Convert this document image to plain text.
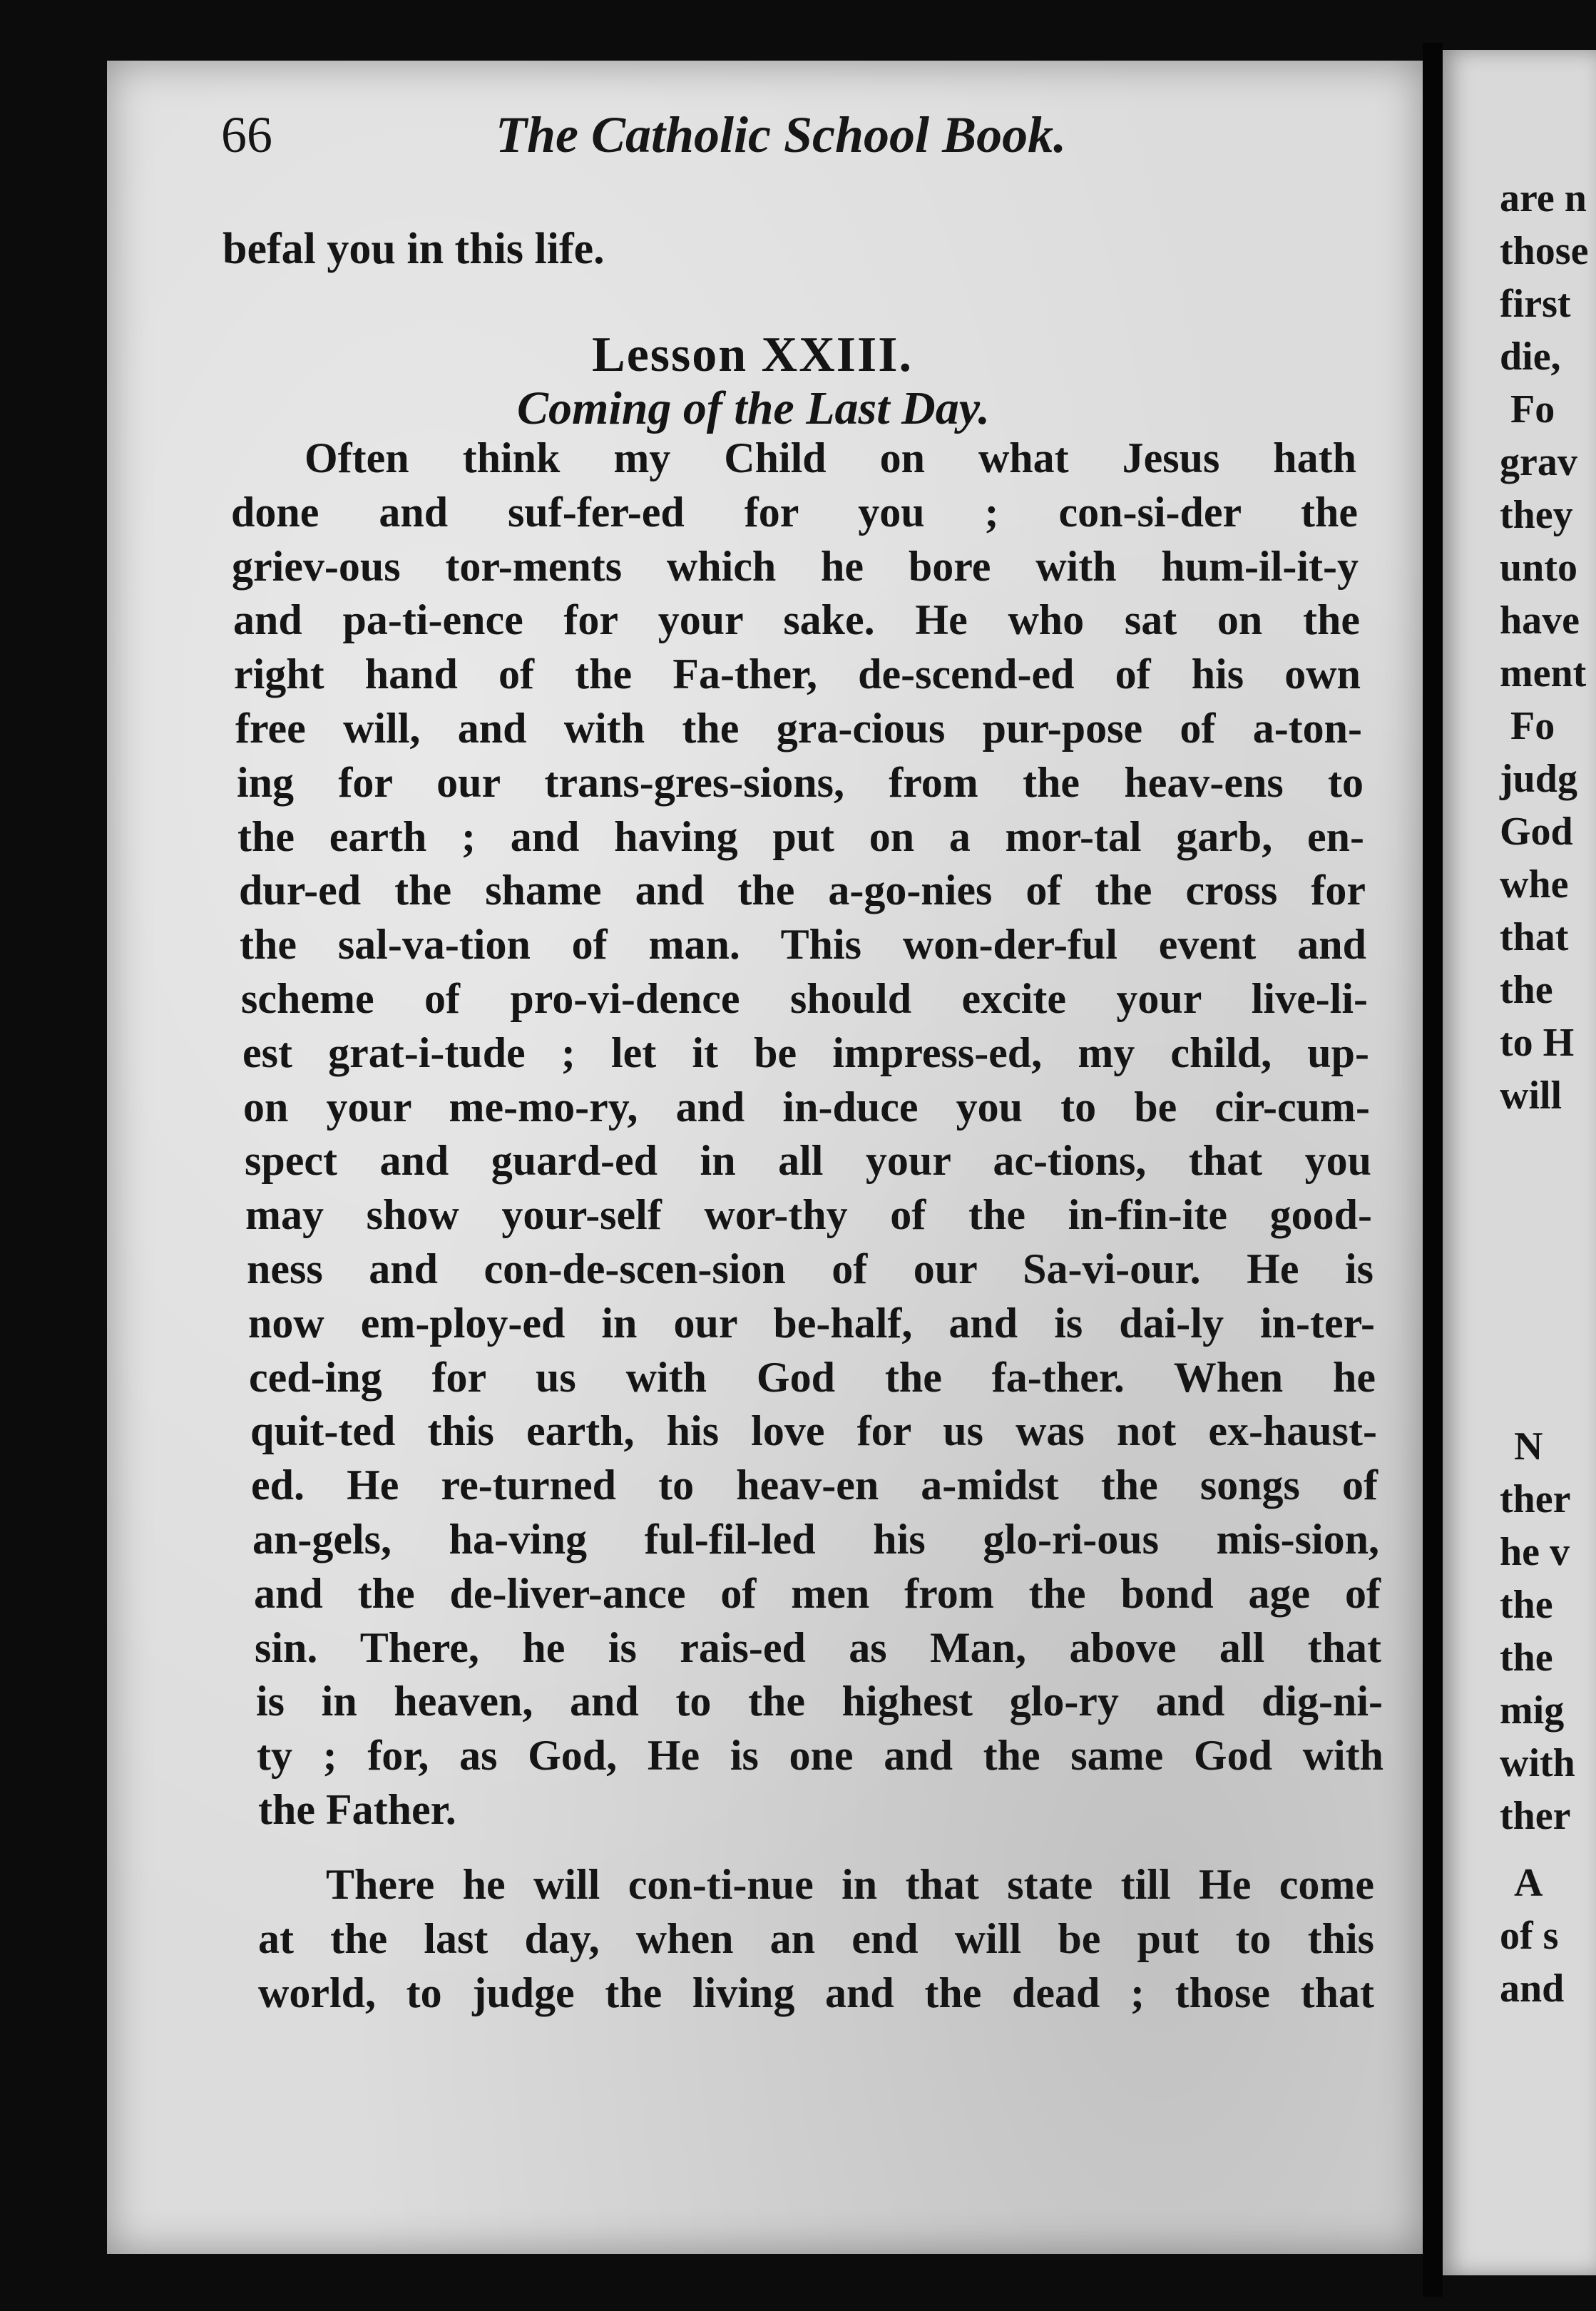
are n
those
first
die,
Fo
grav
they
unto
have
ment
Fo
judg
God
whe
that
the
to H
will
N
ther
he v
the
the
mig
with
ther
A
of s
and
66	The Catholic School Book.
befal you in this life.
Lesson XXIII.
Coming of the Last Day.
Often think my Child on what Jesus hath
done and suf-fer-ed for you ; con-si-der the
griev-ous tor-ments which he bore with hum-il-it-y
and pa-ti-ence for your sake. He who sat on the
right hand of the Fa-ther, de-scend-ed of his own
free will, and with the gra-cious pur-pose of a-ton-
ing for our trans-gres-sions, from the heav-ens to
the earth ; and having put on a mor-tal garb, en-
dur-ed the shame and the a-go-nies of the cross for
the sal-va-tion of man. This won-der-ful event and
scheme of pro-vi-dence should excite your live-li-
est grat-i-tude ; let it be impress-ed, my child, up-
on your me-mo-ry, and in-duce you to be cir-cum-
spect and guard-ed in all your ac-tions, that you
may show your-self wor-thy of the in-fin-ite good-
ness and con-de-scen-sion of our Sa-vi-our. He is
now em-ploy-ed in our be-half, and is dai-ly in-ter-
ced-ing for us with God the fa-ther. When he
quit-ted this earth, his love for us was not ex-haust-
ed. He re-turned to heav-en a-midst the songs of
an-gels, ha-ving ful-fil-led his glo-ri-ous mis-sion,
and the de-liver-ance of men from the bond age of
sin. There, he is rais-ed as Man, above all that
is in heaven, and to the highest glo-ry and dig-ni-
ty ; for, as God, He is one and the same God with
the Father.
There he will con-ti-nue in that state till He come
at the last day, when an end will be put to this
world, to judge the living and the dead ; those that
